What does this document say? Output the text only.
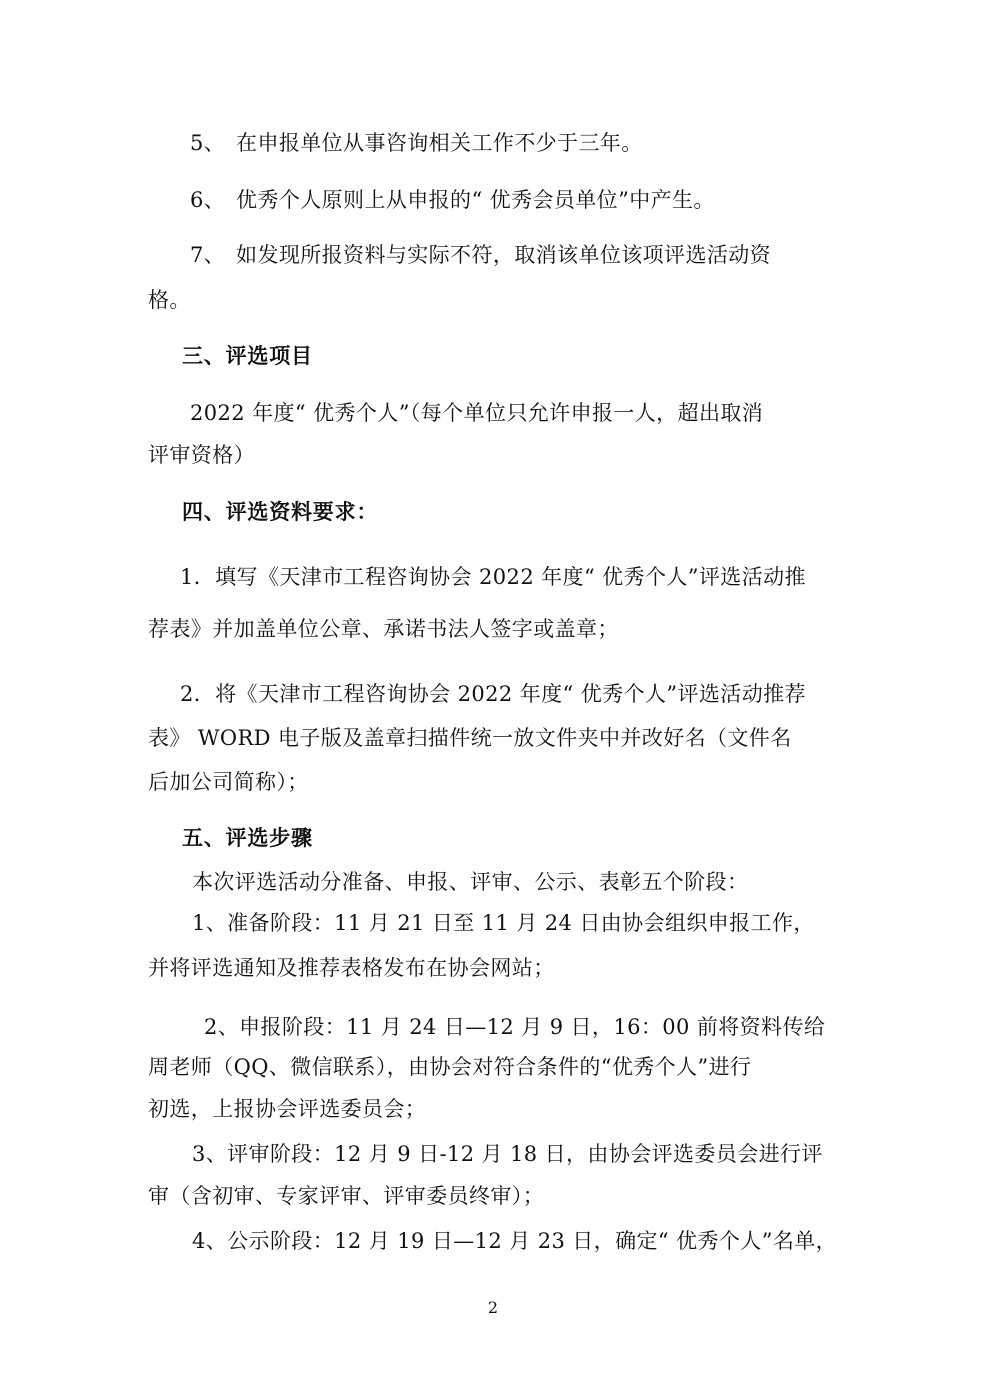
5、　在申报单位从事咨询相关工作不少于三年。
6、　优秀个人原则上从申报的“ 优秀会员单位”中产生。
7、　如发现所报资料与实际不符，取消该单位该项评选活动资
格。
三、评选项目
2022 年度“ 优秀个人”（每个单位只允许申报一人，超出取消
评审资格）
四、评选资料要求：
1．填写《天津市工程咨询协会 2022 年度“ 优秀个人”评选活动推
荐表》并加盖单位公章、承诺书法人签字或盖章；
2．将《天津市工程咨询协会 2022 年度“ 优秀个人”评选活动推荐
表》 WORD 电子版及盖章扫描件统一放文件夹中并改好名（文件名
后加公司简称）；
五、评选步骤
本次评选活动分准备、申报、评审、公示、表彰五个阶段：
1、准备阶段：11 月 21 日至 11 月 24 日由协会组织申报工作，
并将评选通知及推荐表格发布在协会网站；
2、申报阶段：11 月 24 日—12 月 9 日，16：00 前将资料传给
周老师（QQ、微信联系），由协会对符合条件的“优秀个人”进行
初选，上报协会评选委员会；
3、评审阶段：12 月 9 日-12 月 18 日，由协会评选委员会进行评
审（含初审、专家评审、评审委员终审）；
4、公示阶段：12 月 19 日—12 月 23 日，确定“ 优秀个人”名单，
2
